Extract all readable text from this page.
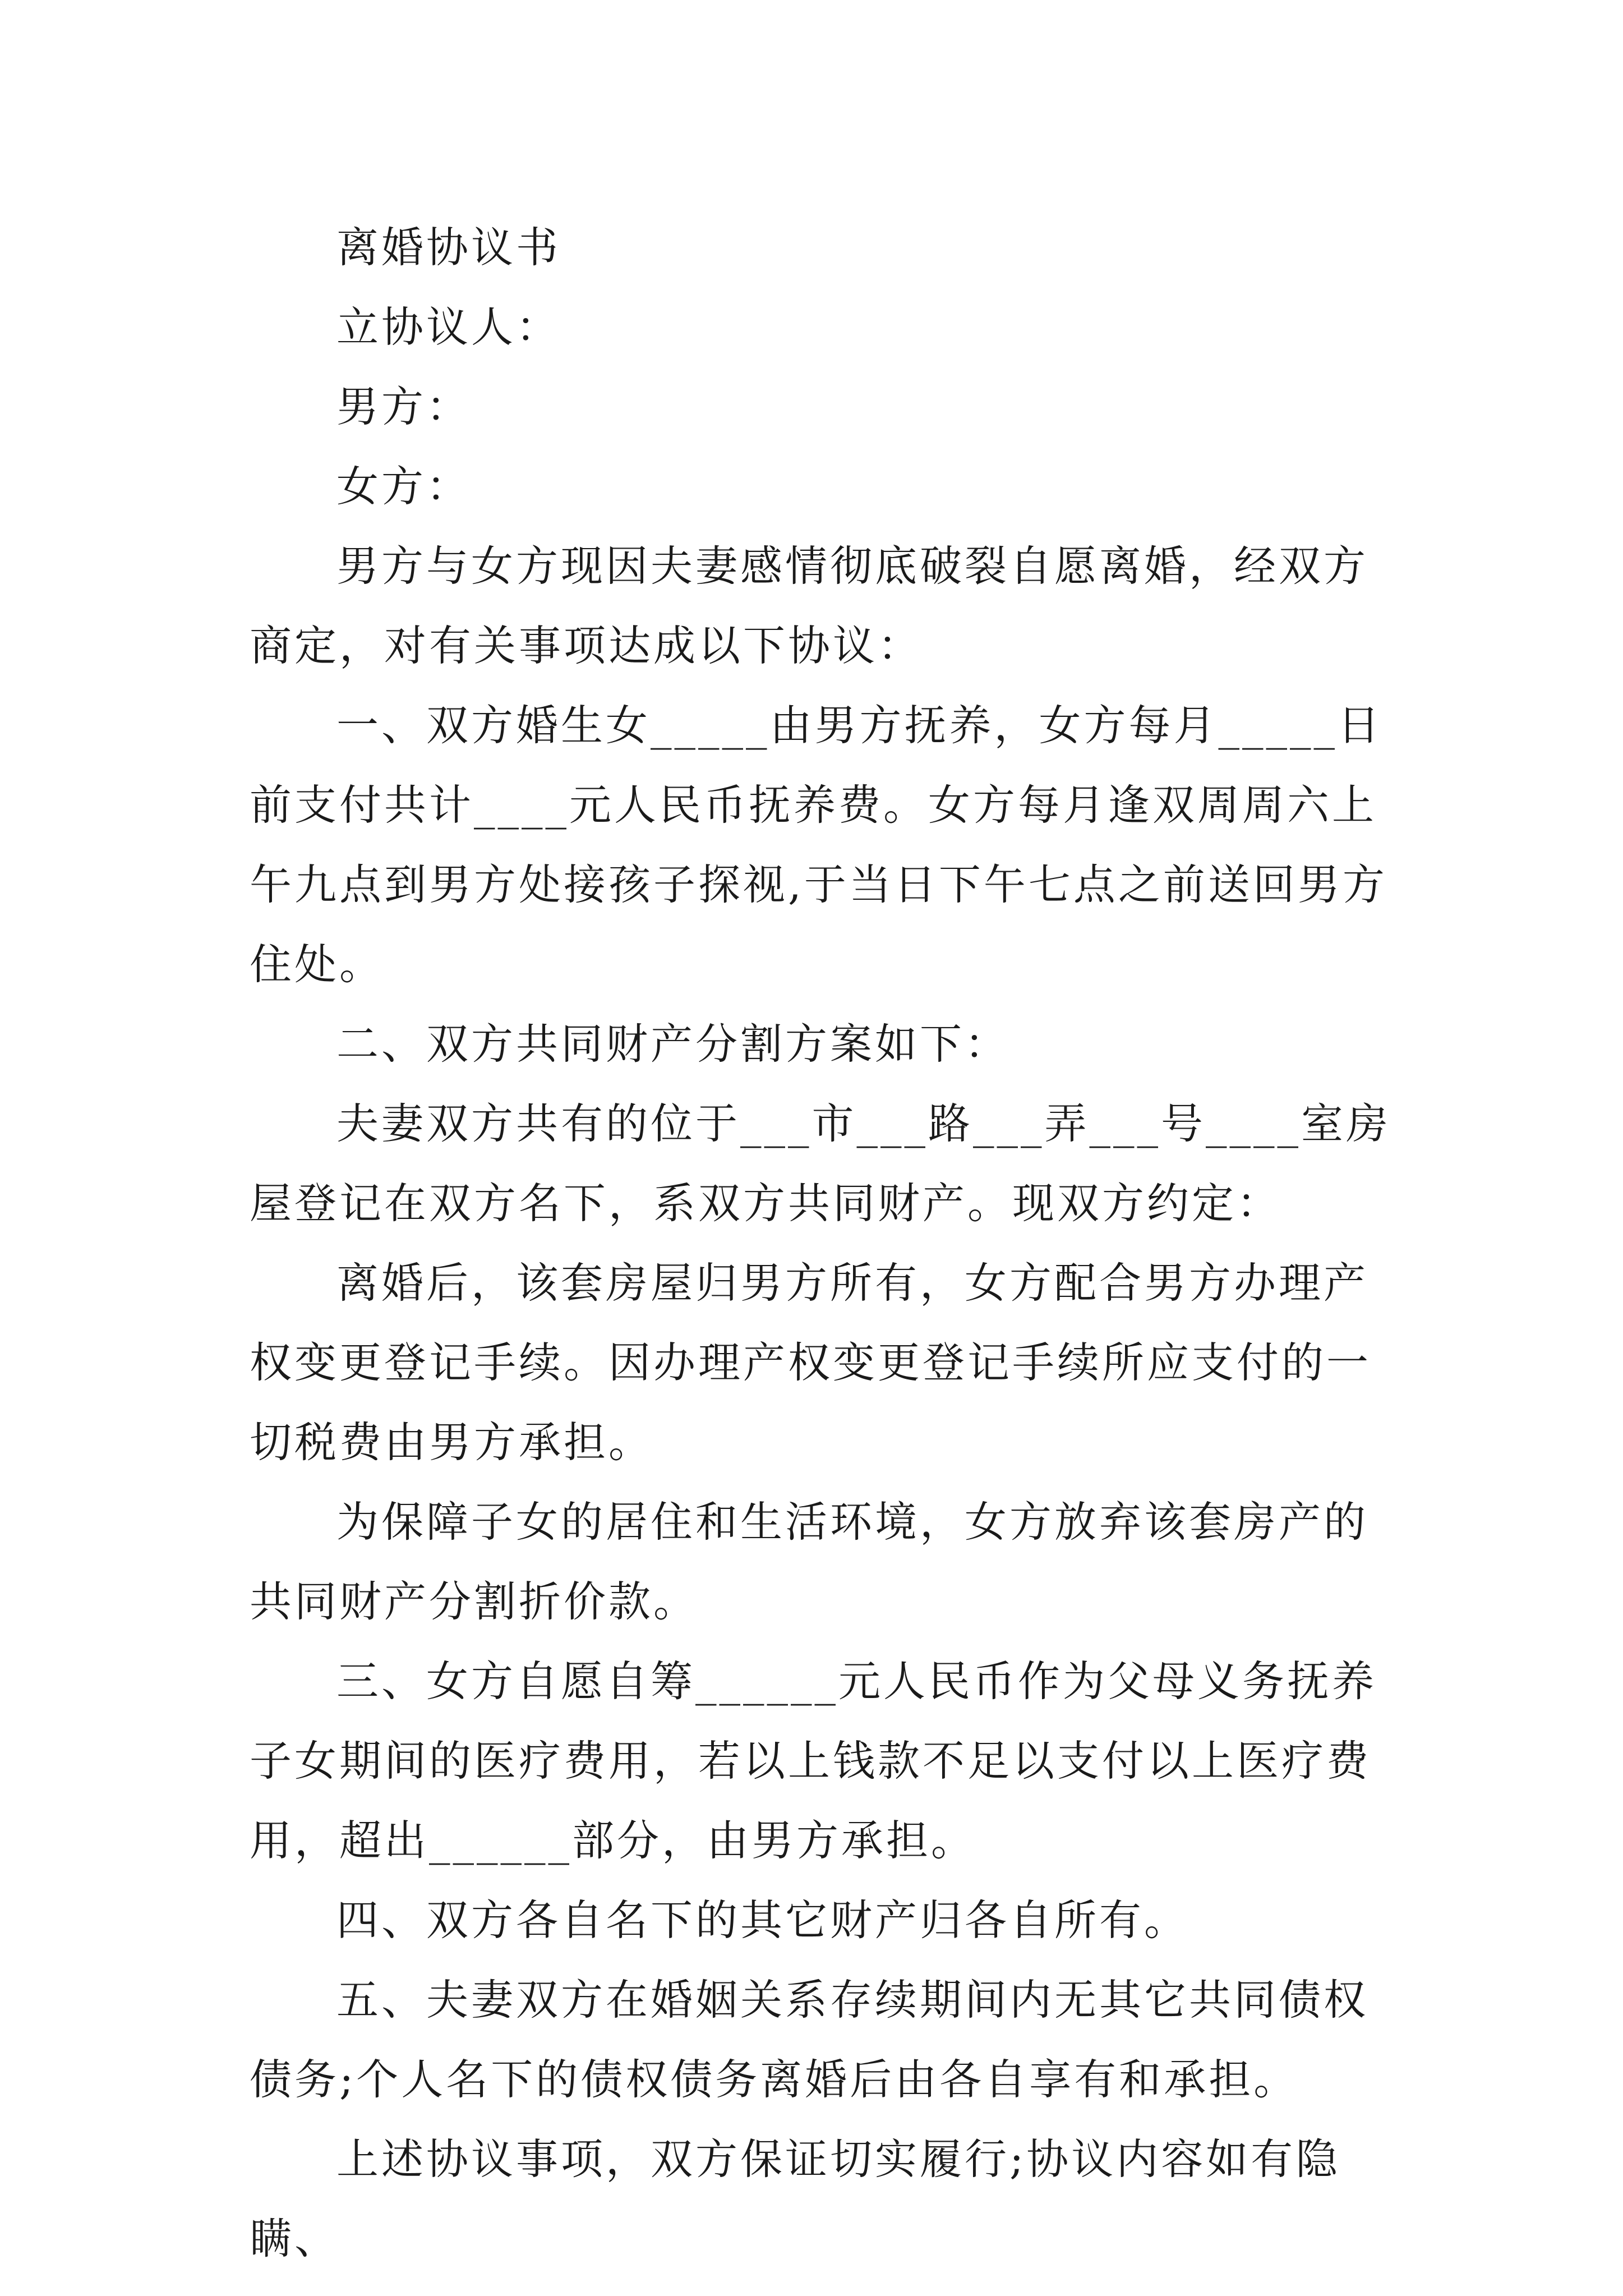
离婚协议书

立协议人：

男方：

女方：

男方与女方现因夫妻感情彻底破裂自愿离婚，经双方商定，对有关事项达成以下协议：

一、双方婚生女_____由男方抚养，女方每月_____日前支付共计____元人民币抚养费。女方每月逢双周周六上午九点到男方处接孩子探视,于当日下午七点之前送回男方住处。

二、双方共同财产分割方案如下：

夫妻双方共有的位于___市___路___弄___号____室房屋登记在双方名下，系双方共同财产。现双方约定：

离婚后，该套房屋归男方所有，女方配合男方办理产权变更登记手续。因办理产权变更登记手续所应支付的一切税费由男方承担。

为保障子女的居住和生活环境，女方放弃该套房产的共同财产分割折价款。

三、女方自愿自筹______元人民币作为父母义务抚养子女期间的医疗费用，若以上钱款不足以支付以上医疗费用，超出______部分，由男方承担。

四、双方各自名下的其它财产归各自所有。

五、夫妻双方在婚姻关系存续期间内无其它共同债权债务;个人名下的债权债务离婚后由各自享有和承担。

上述协议事项，双方保证切实履行;协议内容如有隐瞒、
